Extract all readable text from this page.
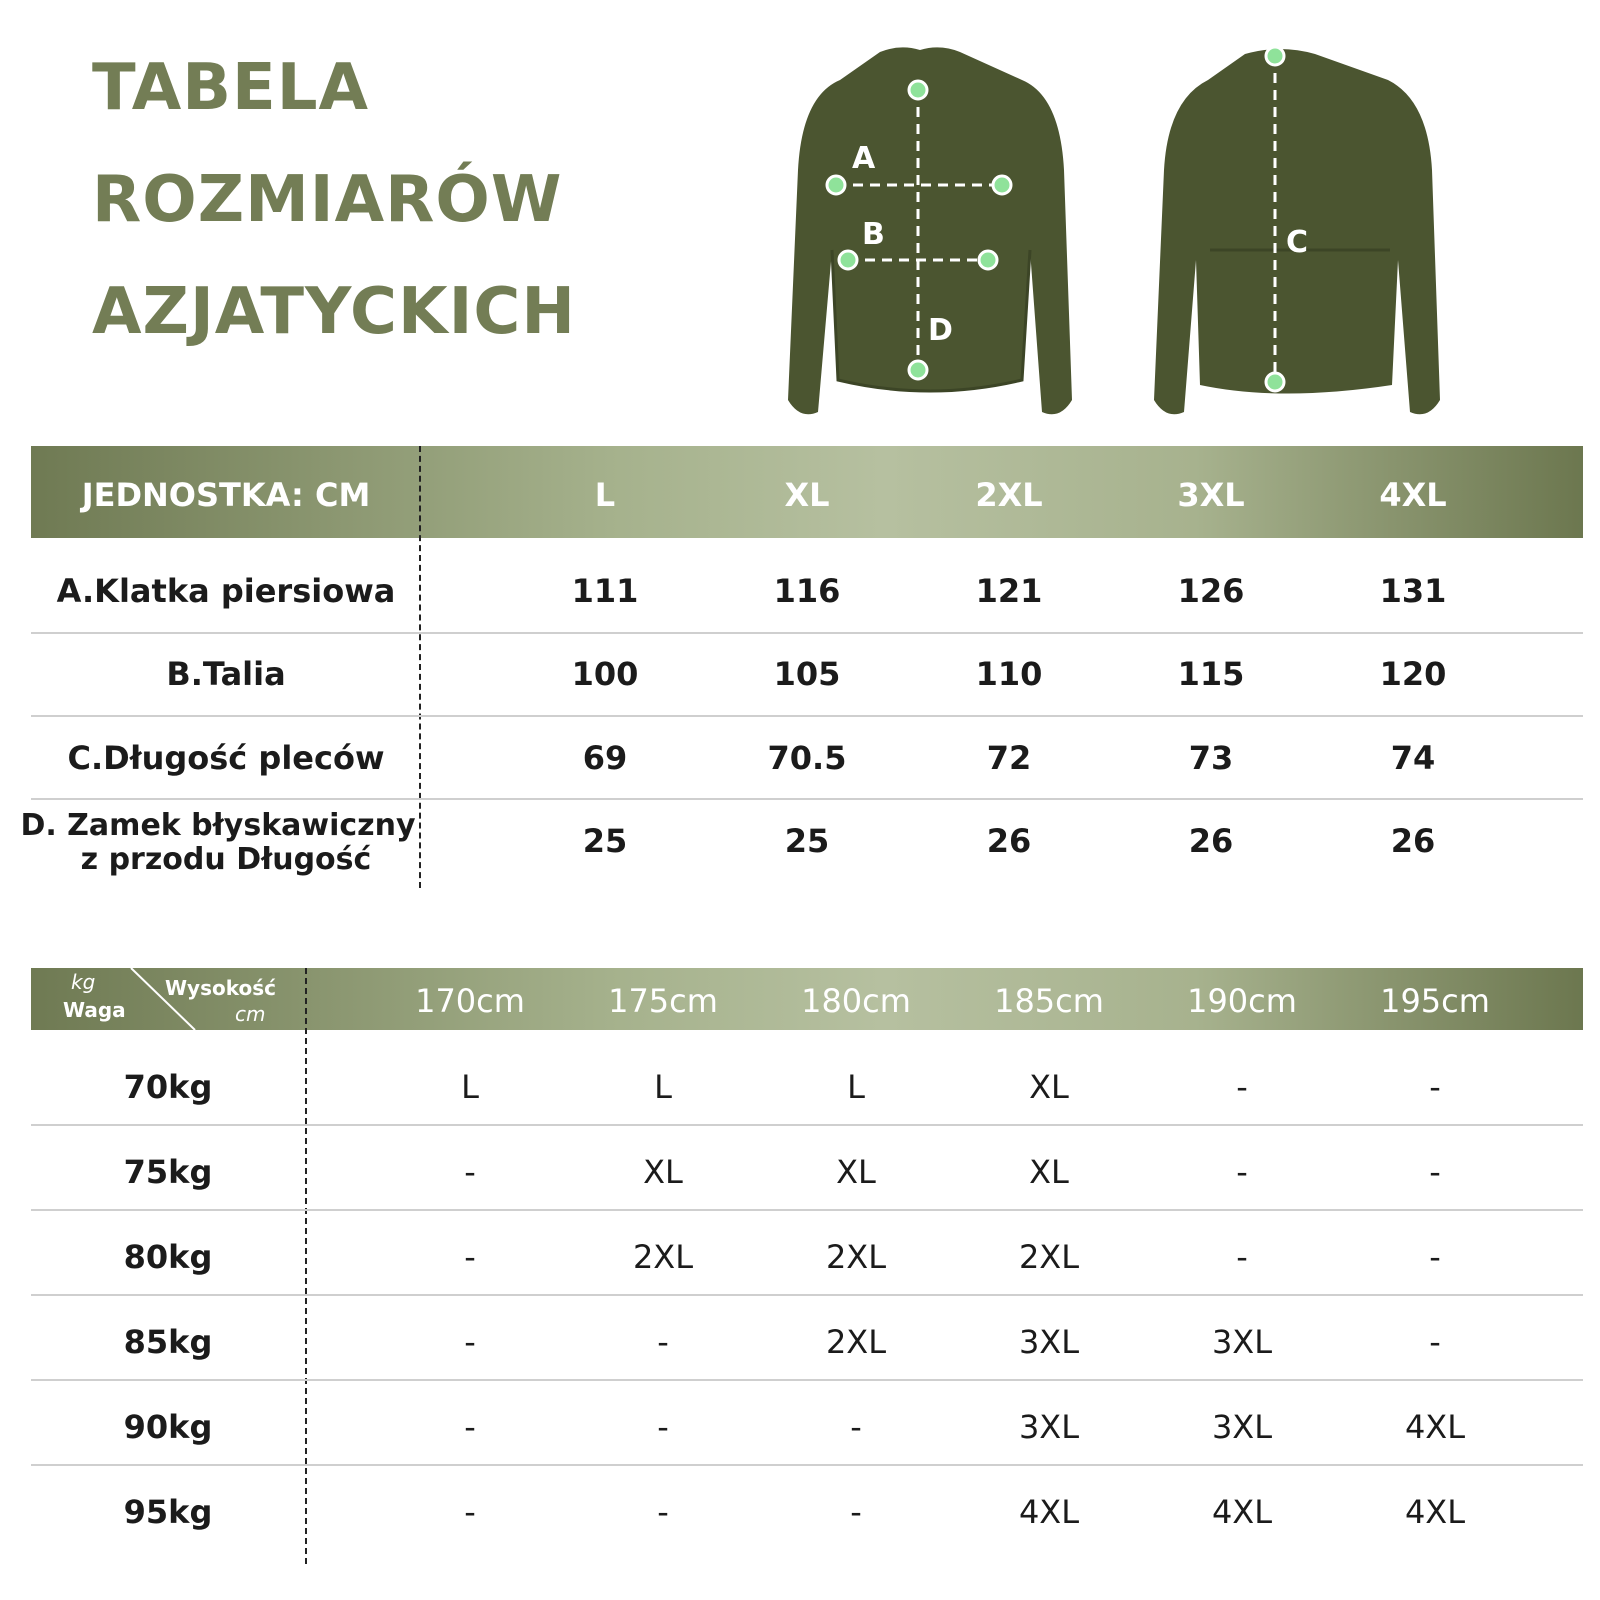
TABELA
ROZMIARÓW
AZJATYCKICH
A
B
D
C
JEDNOSTKA: CM	L	XL	2XL	3XL	4XL
A.Klatka piersiowa	111	116	121	126	131
B.Talia	100	105	110	115	120
C.Długość pleców	69	70.5	72	73	74
D. Zamek błyskawiczny
z przodu Długość	25	25	26	26	26
kg
Waga
Wysokość
cm	170cm	175cm	180cm	185cm	190cm	195cm
70kg	L	L	L	XL	-	-
75kg	-	XL	XL	XL	-	-
80kg	-	2XL	2XL	2XL	-	-
85kg	-	-	2XL	3XL	3XL	-
90kg	-	-	-	3XL	3XL	4XL
95kg	-	-	-	4XL	4XL	4XL
